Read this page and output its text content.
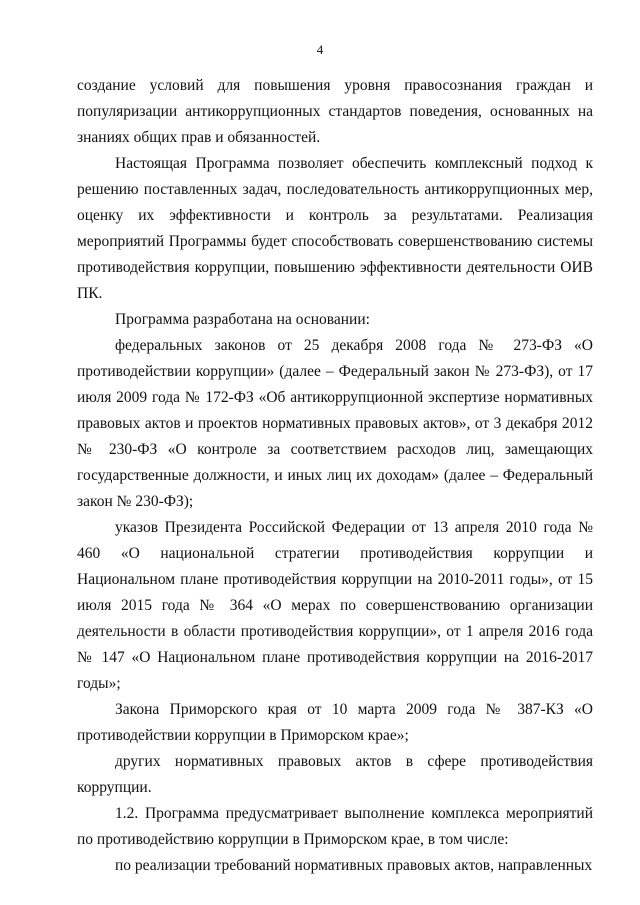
4

создание условий для повышения уровня правосознания граждан и популяризации антикоррупционных стандартов поведения, основанных на знаниях общих прав и обязанностей.

Настоящая Программа позволяет обеспечить комплексный подход к решению поставленных задач, последовательность антикоррупционных мер, оценку их эффективности и контроль за результатами. Реализация мероприятий Программы будет способствовать совершенствованию системы противодействия коррупции, повышению эффективности деятельности ОИВ ПК.

Программа разработана на основании:

федеральных законов от 25 декабря 2008 года № 273-ФЗ «О противодействии коррупции» (далее – Федеральный закон № 273-ФЗ), от 17 июля 2009 года № 172-ФЗ «Об антикоррупционной экспертизе нормативных правовых актов и проектов нормативных правовых актов», от 3 декабря 2012 № 230-ФЗ «О контроле за соответствием расходов лиц, замещающих государственные должности, и иных лиц их доходам» (далее – Федеральный закон № 230-ФЗ);

указов Президента Российской Федерации от 13 апреля 2010 года № 460 «О национальной стратегии противодействия коррупции и Национальном плане противодействия коррупции на 2010-2011 годы», от 15 июля 2015 года № 364 «О мерах по совершенствованию организации деятельности в области противодействия коррупции», от 1 апреля 2016 года № 147 «О Национальном плане противодействия коррупции на 2016-2017 годы»;

Закона Приморского края от 10 марта 2009 года № 387-КЗ «О противодействии коррупции в Приморском крае»;

других нормативных правовых актов в сфере противодействия коррупции.

1.2. Программа предусматривает выполнение комплекса мероприятий по противодействию коррупции в Приморском крае, в том числе:

по реализации требований нормативных правовых актов, направленных
